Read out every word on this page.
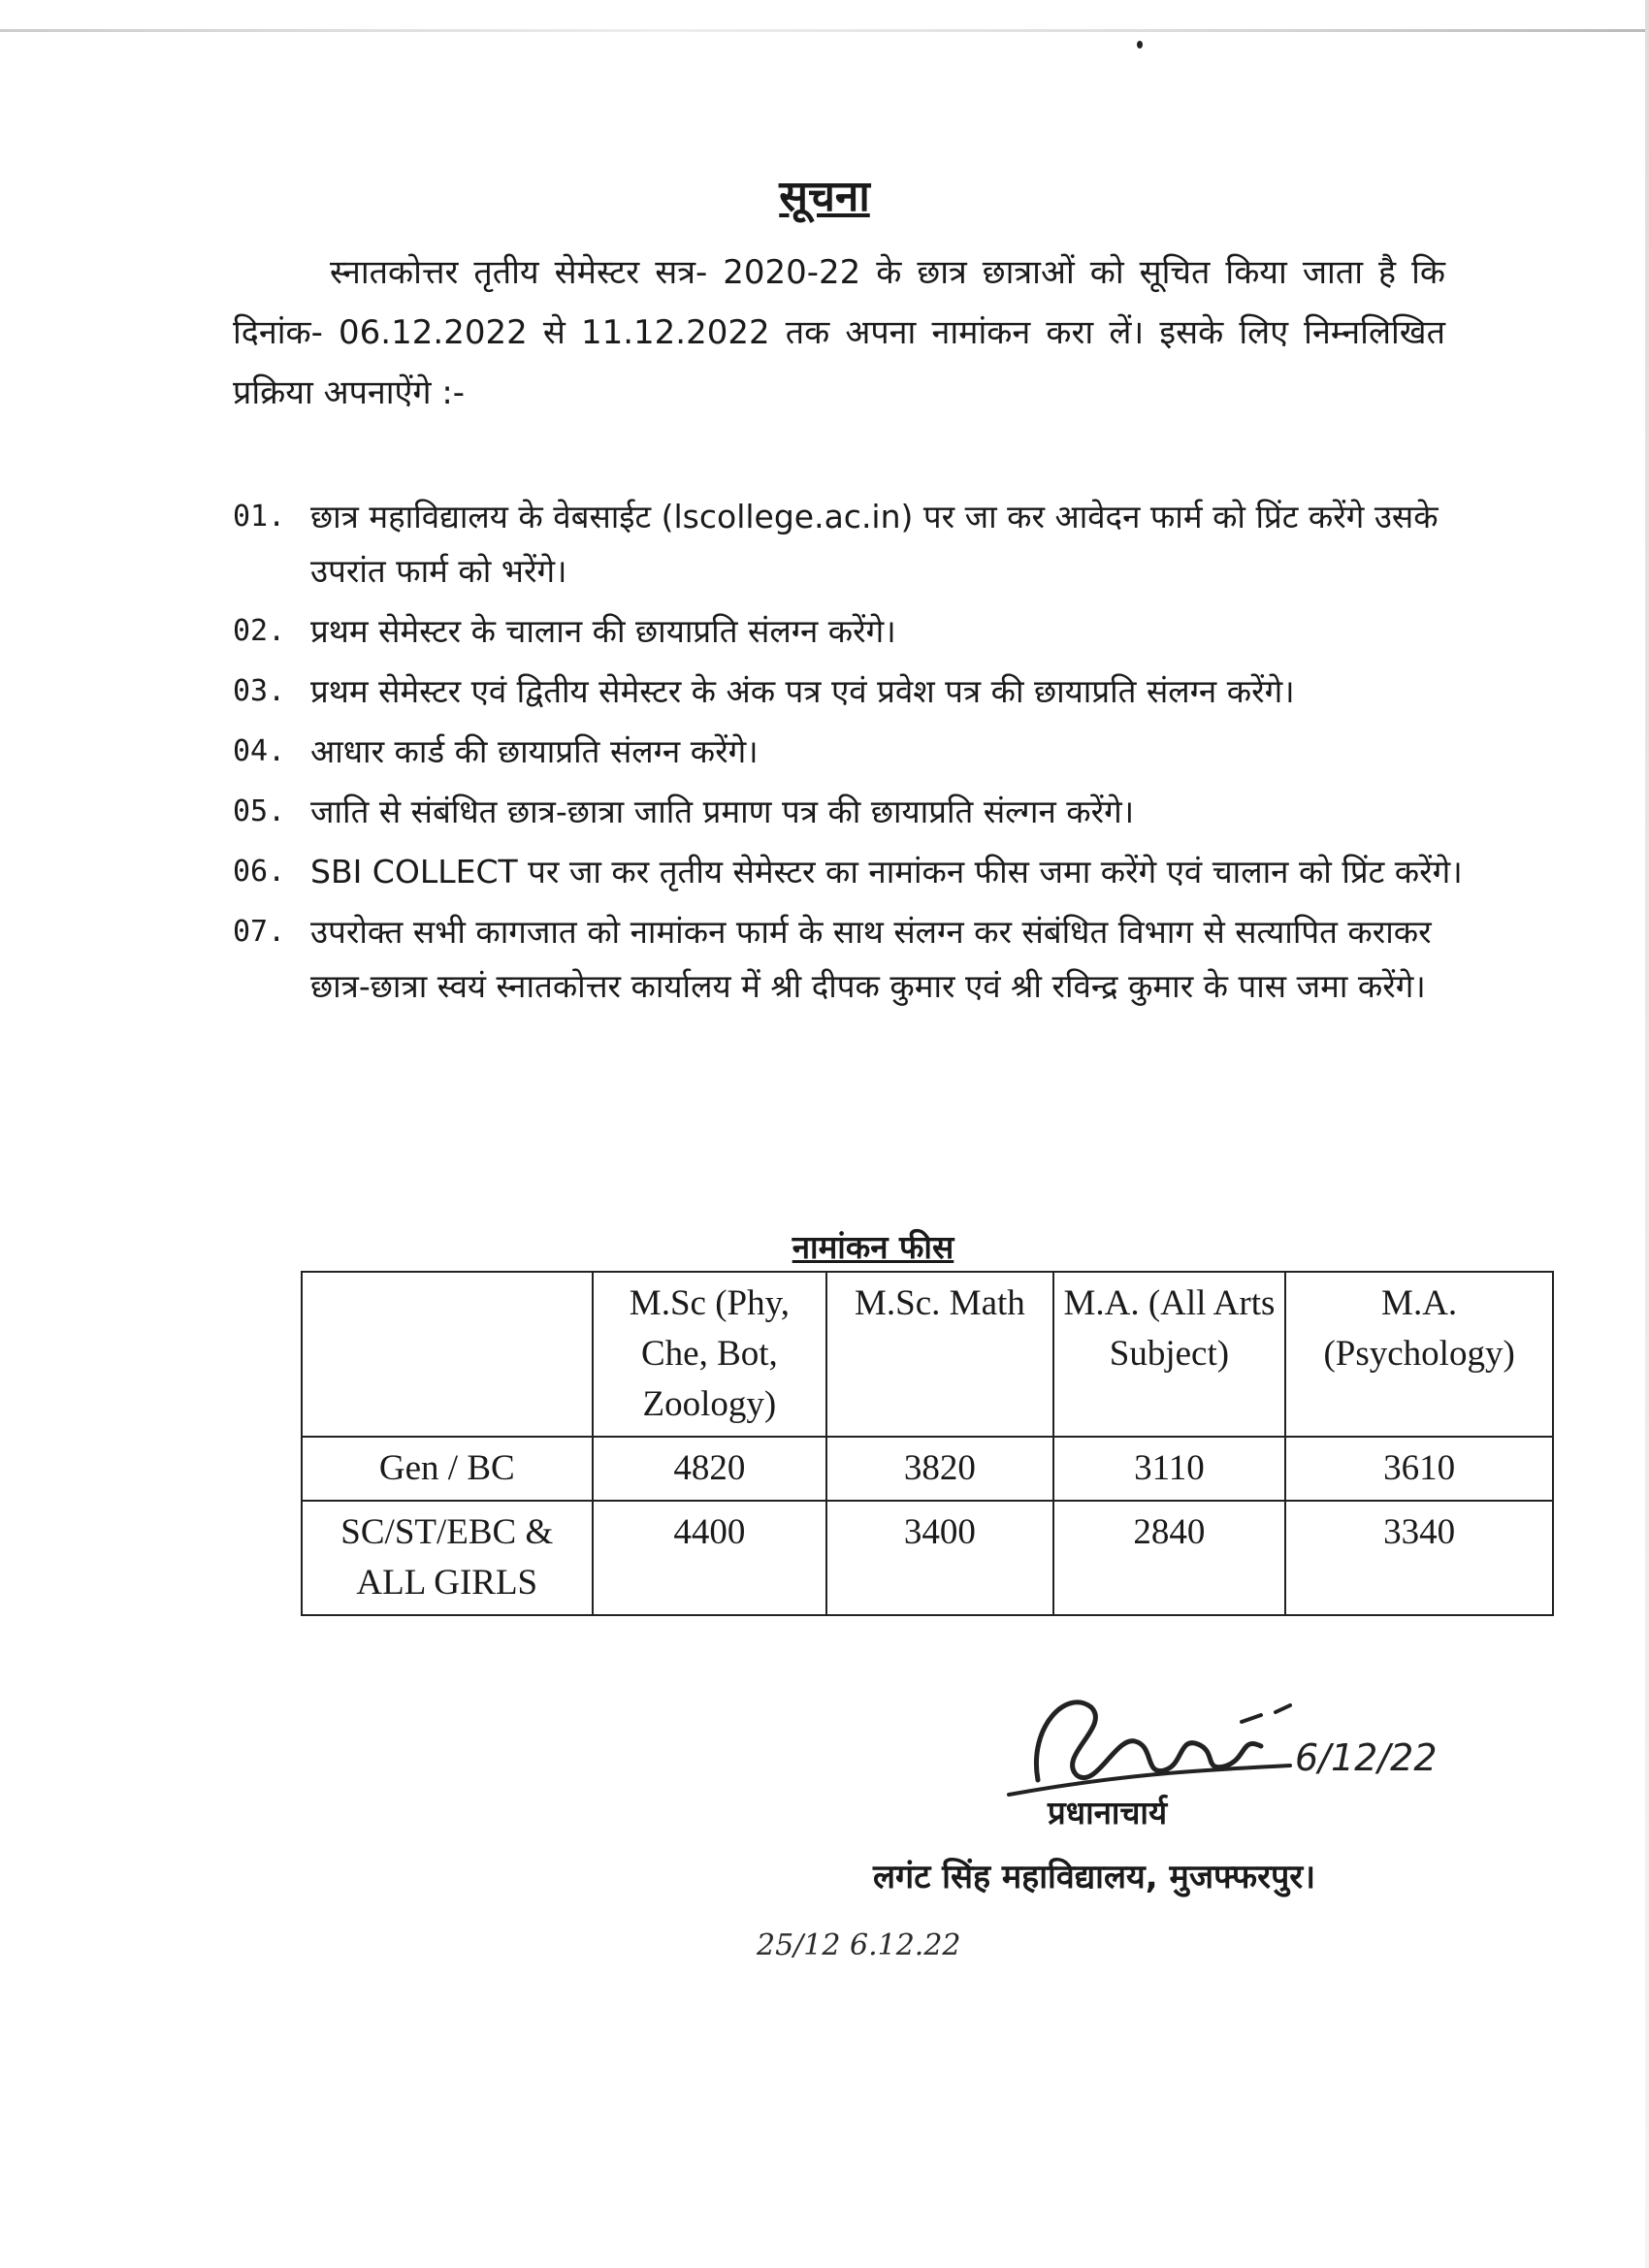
सूचना
स्नातकोत्तर तृतीय सेमेस्टर सत्र- 2020-22 के छात्र छात्राओं को सूचित किया जाता है कि दिनांक- 06.12.2022 से 11.12.2022 तक अपना नामांकन करा लें। इसके लिए निम्नलिखित प्रक्रिया अपनाऐंगे :-
01. छात्र महाविद्यालय के वेबसाईट (lscollege.ac.in) पर जा कर आवेदन फार्म को प्रिंट करेंगे उसके उपरांत फार्म को भरेंगे।
02. प्रथम सेमेस्टर के चालान की छायाप्रति संलग्न करेंगे।
03. प्रथम सेमेस्टर एवं द्वितीय सेमेस्टर के अंक पत्र एवं प्रवेश पत्र की छायाप्रति संलग्न करेंगे।
04. आधार कार्ड की छायाप्रति संलग्न करेंगे।
05. जाति से संबंधित छात्र-छात्रा जाति प्रमाण पत्र की छायाप्रति संल्गन करेंगे।
06. SBI COLLECT पर जा कर तृतीय सेमेस्टर का नामांकन फीस जमा करेंगे एवं चालान को प्रिंट करेंगे।
07. उपरोक्त सभी कागजात को नामांकन फार्म के साथ संलग्न कर संबंधित विभाग से सत्यापित कराकर छात्र-छात्रा स्वयं स्नातकोत्तर कार्यालय में श्री दीपक कुमार एवं श्री रविन्द्र कुमार के पास जमा करेंगे।
नामांकन फीस
	M.Sc (Phy, Che, Bot, Zoology)	M.Sc. Math	M.A. (All Arts Subject)	M.A. (Psychology)
Gen / BC	4820	3820	3110	3610
SC/ST/EBC & ALL GIRLS	4400	3400	2840	3340
6/12/22
प्रधानाचार्य
लगंट सिंह महाविद्यालय, मुजफ्फरपुर।
25/12 6.12.22
